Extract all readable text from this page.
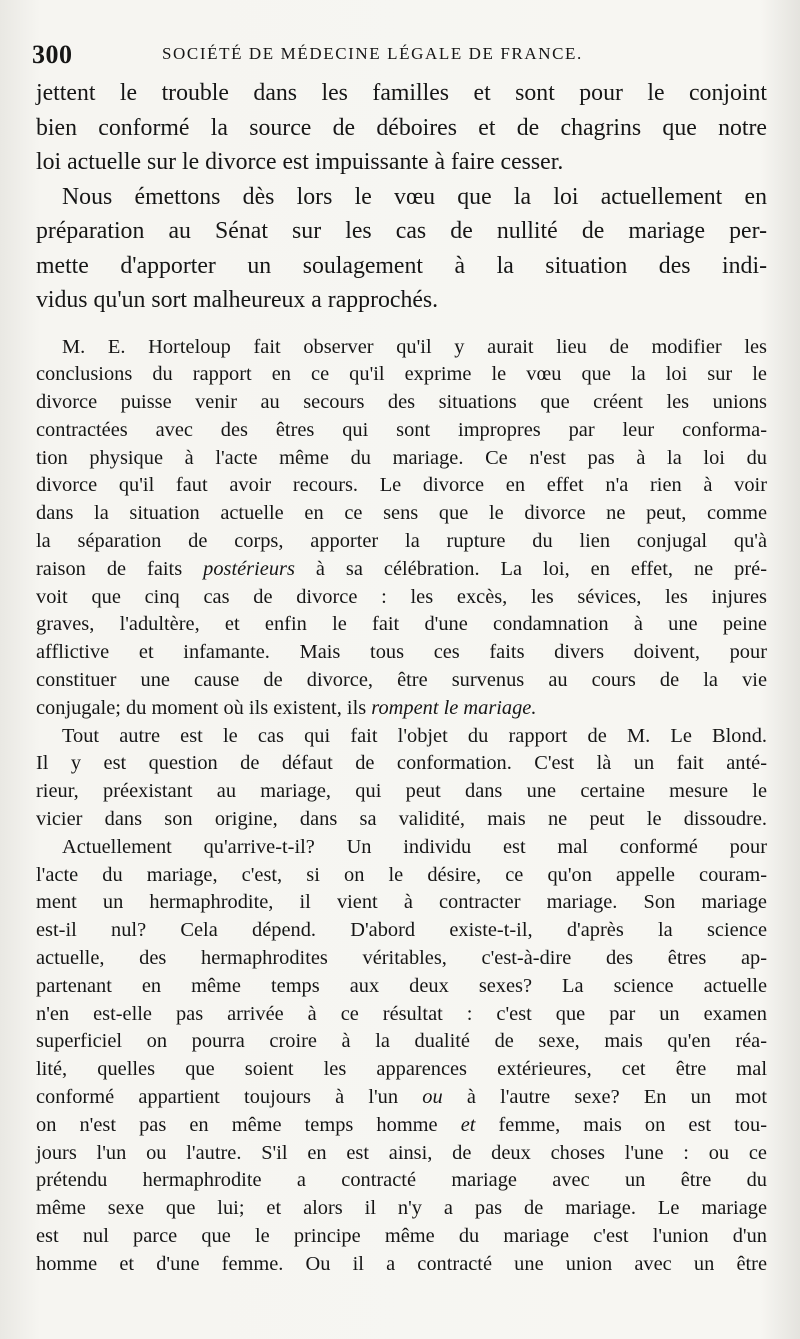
300	SOCIÉTÉ DE MÉDECINE LÉGALE DE FRANCE.
jettent le trouble dans les familles et sont pour le conjoint
bien conformé la source de déboires et de chagrins que notre
loi actuelle sur le divorce est impuissante à faire cesser.
Nous émettons dès lors le vœu que la loi actuellement en
préparation au Sénat sur les cas de nullité de mariage per-
mette d'apporter un soulagement à la situation des indi-
vidus qu'un sort malheureux a rapprochés.
M. E. Horteloup fait observer qu'il y aurait lieu de modifier les
conclusions du rapport en ce qu'il exprime le vœu que la loi sur le
divorce puisse venir au secours des situations que créent les unions
contractées avec des êtres qui sont impropres par leur conforma-
tion physique à l'acte même du mariage. Ce n'est pas à la loi du
divorce qu'il faut avoir recours. Le divorce en effet n'a rien à voir
dans la situation actuelle en ce sens que le divorce ne peut, comme
la séparation de corps, apporter la rupture du lien conjugal qu'à
raison de faits postérieurs à sa célébration. La loi, en effet, ne pré-
voit que cinq cas de divorce : les excès, les sévices, les injures
graves, l'adultère, et enfin le fait d'une condamnation à une peine
afflictive et infamante. Mais tous ces faits divers doivent, pour
constituer une cause de divorce, être survenus au cours de la vie
conjugale; du moment où ils existent, ils rompent le mariage.
Tout autre est le cas qui fait l'objet du rapport de M. Le Blond.
Il y est question de défaut de conformation. C'est là un fait anté-
rieur, préexistant au mariage, qui peut dans une certaine mesure le
vicier dans son origine, dans sa validité, mais ne peut le dissoudre.
Actuellement qu'arrive-t-il? Un individu est mal conformé pour
l'acte du mariage, c'est, si on le désire, ce qu'on appelle couram-
ment un hermaphrodite, il vient à contracter mariage. Son mariage
est-il nul? Cela dépend. D'abord existe-t-il, d'après la science
actuelle, des hermaphrodites véritables, c'est-à-dire des êtres ap-
partenant en même temps aux deux sexes? La science actuelle
n'en est-elle pas arrivée à ce résultat : c'est que par un examen
superficiel on pourra croire à la dualité de sexe, mais qu'en réa-
lité, quelles que soient les apparences extérieures, cet être mal
conformé appartient toujours à l'un ou à l'autre sexe? En un mot
on n'est pas en même temps homme et femme, mais on est tou-
jours l'un ou l'autre. S'il en est ainsi, de deux choses l'une : ou ce
prétendu hermaphrodite a contracté mariage avec un être du
même sexe que lui; et alors il n'y a pas de mariage. Le mariage
est nul parce que le principe même du mariage c'est l'union d'un
homme et d'une femme. Ou il a contracté une union avec un être
